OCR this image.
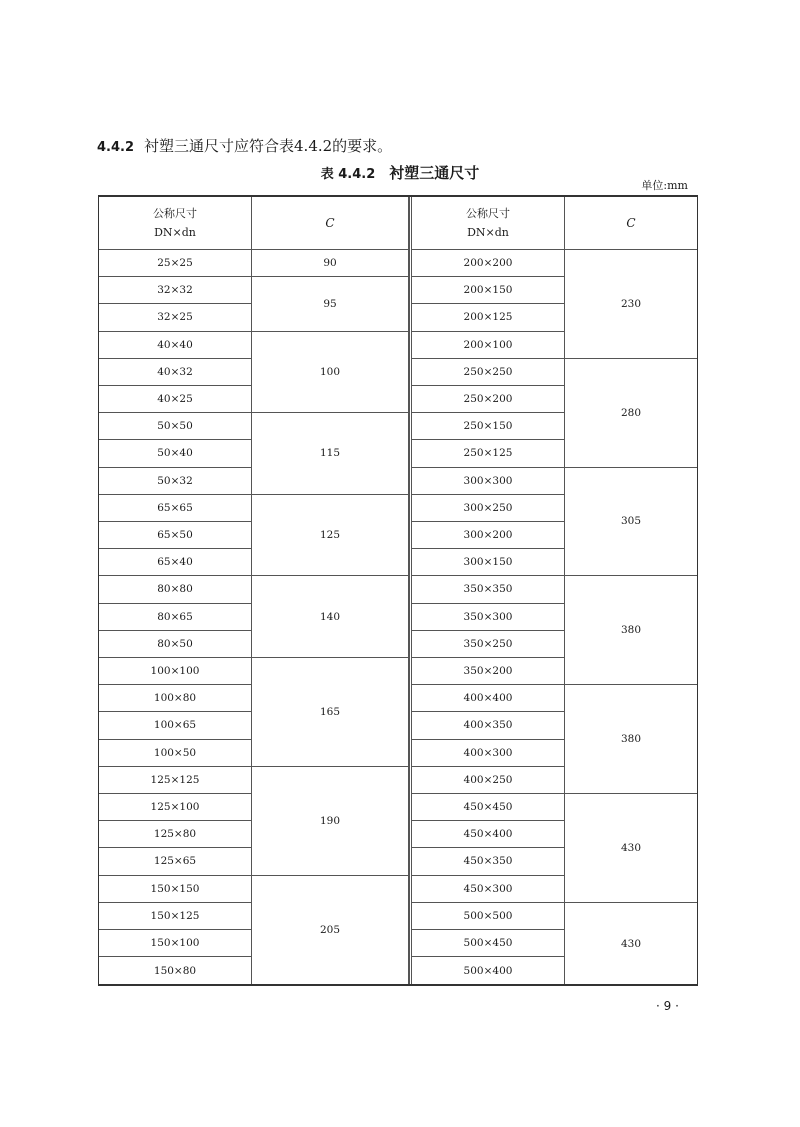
4.4.2 衬塑三通尺寸应符合表4.4.2的要求。
表 4.4.2 衬塑三通尺寸
单位:mm
公称尺寸
DN×dn
C
公称尺寸
DN×dn
C
25×25
32×32
32×25
40×40
40×32
40×25
50×50
50×40
50×32
65×65
65×50
65×40
80×80
80×65
80×50
100×100
100×80
100×65
100×50
125×125
125×100
125×80
125×65
150×150
150×125
150×100
150×80
200×200
200×150
200×125
200×100
250×250
250×200
250×150
250×125
300×300
300×250
300×200
300×150
350×350
350×300
350×250
350×200
400×400
400×350
400×300
400×250
450×450
450×400
450×350
450×300
500×500
500×450
500×400
90
95
100
115
125
140
165
190
205
230
280
305
380
380
430
430
· 9 ·
